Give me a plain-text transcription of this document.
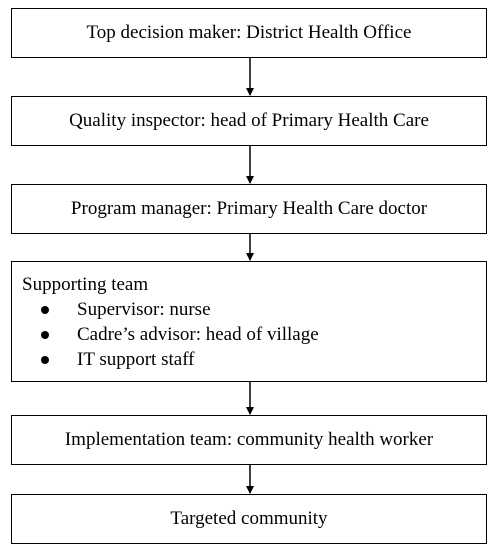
Top decision maker: District Health Office
Quality inspector: head of Primary Health Care
Program manager: Primary Health Care doctor
Supporting team
Supervisor: nurse
Cadre’s advisor: head of village
IT support staff
Implementation team: community health worker
Targeted community
